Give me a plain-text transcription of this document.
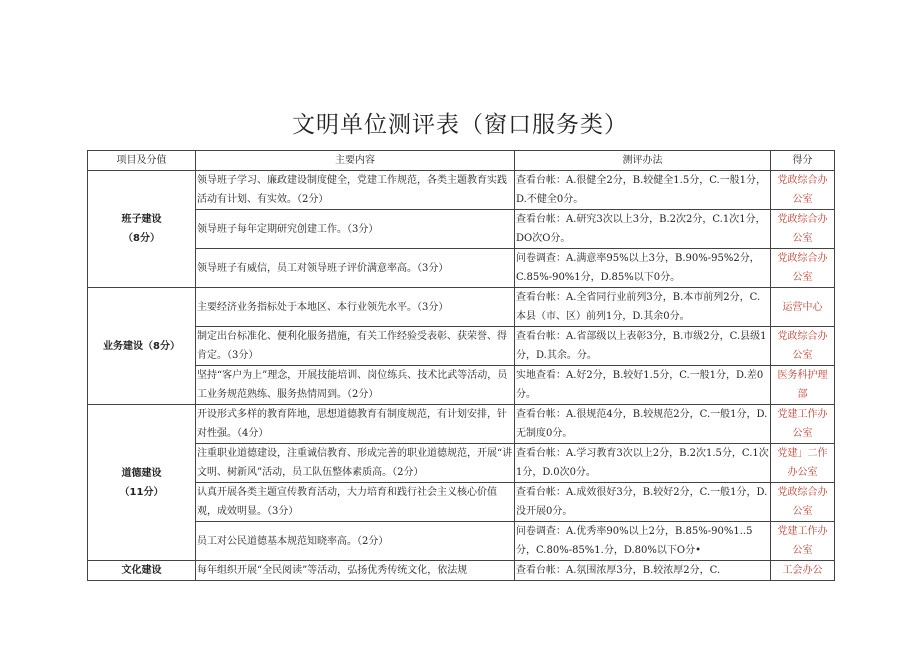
文明单位测评表（窗口服务类）
项目及分值	主要内容	测评办法	得分

班子建设
（8分）	领导班子学习、廉政建设制度健全，党建工作规范，各类主题教育实践活动有计划、有实效。（2分）	查看台帐：A.很健全2分，B.较健全1.5分，C.一般1分，D.不健全0分。	党政综合办公室

	领导班子每年定期研究创建工作。（3分）	查看台帐：A.研究3次以上3分，B.2次2分，C.1次1分，DO次O分。	党政综合办公室

	领导班子有威信，员工对领导班子评价满意率高。（3分）	问卷调查：A.满意率95%以上3分，B.90%-95%2分，C.85%-90%1分，D.85%以下0分。	党政综合办公室

业务建设（8分）	主要经济业务指标处于本地区、本行业领先水平。（3分）	查看台帐：A.全省同行业前列3分，B.本市前列2分，C.本县（市、区）前列1分，D.其余0分。	运营中心

	制定出台标准化、便利化服务措施，有关工作经验受表彰、获荣誉、得肯定。（3分）	查看台帐：A.省部级以上表彰3分，B.市级2分，C.县级1分，D.其余。分。	党政综合办公室

	坚持“客户为上”理念，开展技能培训、岗位练兵、技术比武等活动，员工业务规范熟练、服务热情周到。（2分）	实地查看：A.好2分，B.较好1.5分，C.一般1分，D.差0分。	医务科护理部

道德建设
（11分）	开设形式多样的教育阵地，思想道德教育有制度规范，有计划安排，针对性强。（4分）	查看台帐：A.很规范4分，B.较规范2分，C.一般1分，D.无制度0分。	党建工作办公室

	注重职业道德建设，注重诚信教育、形成完善的职业道德规范，开展“讲文明、树新风”活动，员工队伍整体素质高。（2分）	查看台帐：A.学习教育3次以上2分，B.2次1.5分，C.1次1分，D.0次0分。	党建」二作办公室

	认真开展各类主题宣传教育活动，大力培育和践行社会主义核心价值观，成效明显。（3分）	查看台帐：A.成效很好3分，B.较好2分，C.一般1分，D.没开展0分。	党政综合办公室

	员工对公民道德基本规范知晓率高。（2分）	问卷调查：A.优秀率90%以上2分，B.85%-90%1..5分，C.80%-85%1.分，D.80%以下O分•	党建工作办公室

文化建设	每年组织开展“全民阅读”等活动，弘扬优秀传统文化，依法规	查看台帐：A.氛围浓厚3分，B.较浓厚2分，C.	工会办公
